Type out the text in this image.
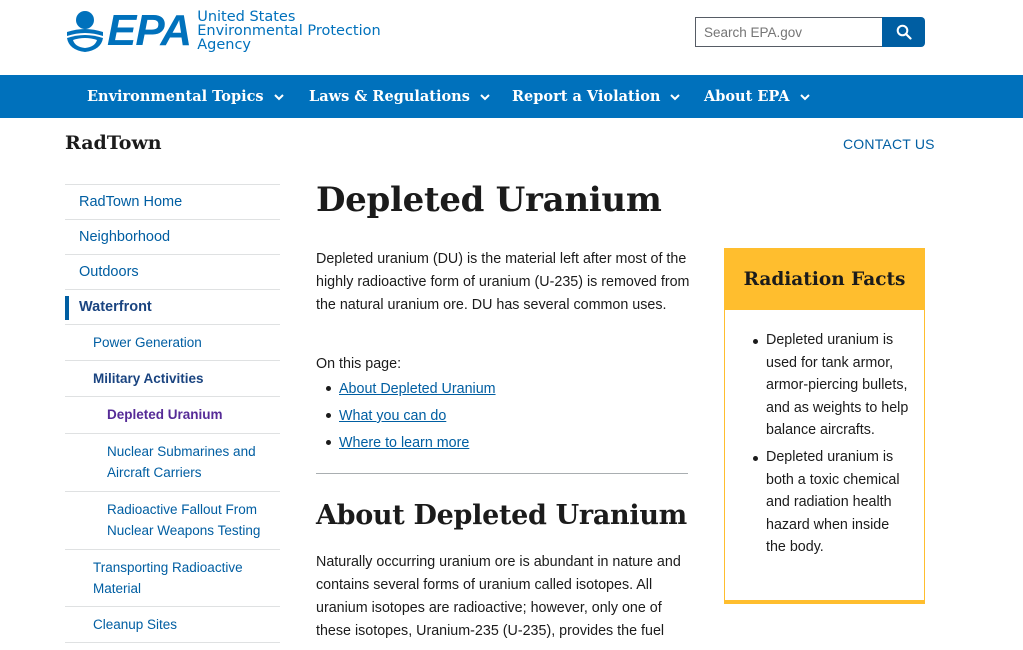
EPA United States
Environmental Protection
Agency
Search EPA.gov
Environmental Topics	Laws & Regulations	Report a Violation	About EPA
RadTown	CONTACT US
RadTown Home
Neighborhood
Outdoors
Waterfront
Power Generation
Military Activities
Depleted Uranium
Nuclear Submarines and Aircraft Carriers
Radioactive Fallout From Nuclear Weapons Testing
Transporting Radioactive Material
Cleanup Sites
Depleted Uranium

Depleted uranium (DU) is the material left after most of the highly radioactive form of uranium (U-235) is removed from the natural uranium ore. DU has several common uses.

On this page:
About Depleted Uranium
What you can do
Where to learn more
About Depleted Uranium

Naturally occurring uranium ore is abundant in nature and contains several forms of uranium called isotopes. All uranium isotopes are radioactive; however, only one of these isotopes, Uranium-235 (U-235), provides the fuel

Radiation Facts
Depleted uranium is used for tank armor, armor-piercing bullets, and as weights to help balance aircrafts.
Depleted uranium is both a toxic chemical and radiation health hazard when inside the body.
